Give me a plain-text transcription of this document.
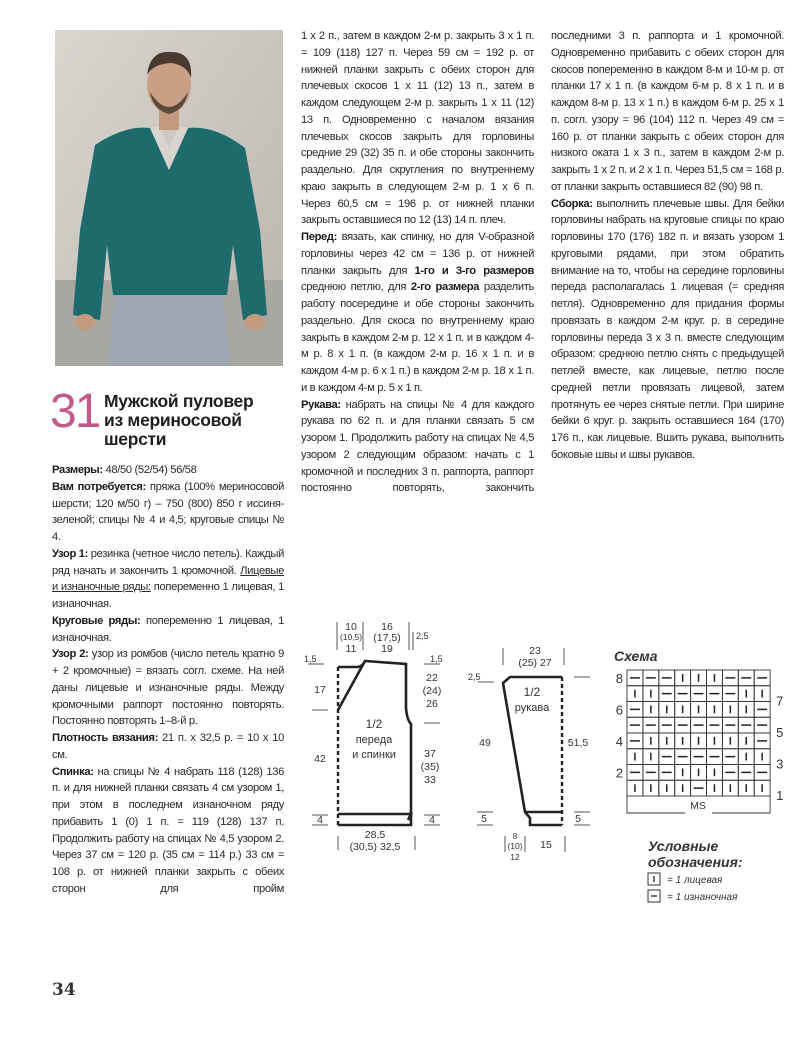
31 Мужской пуловер
из мериносовой
шерсти

Размеры: 48/50 (52/54) 56/58

Вам потребуется: пряжа (100% мериносовой шерсти; 120 м/50 г) – 750 (800) 850 г иссиня-зеленой; спицы № 4 и 4,5; круговые спицы № 4.

Узор 1: резинка (четное число петель). Каждый ряд начать и закончить 1 кромочной. Лицевые и изнаночные ряды: попеременно 1 лицевая, 1 изнаночная.

Круговые ряды: попеременно 1 лицевая, 1 изнаночная.

Узор 2: узор из ромбов (число петель кратно 9 + 2 кромочные) = вязать согл. схеме. На ней даны лицевые и изнаночные ряды. Между кромочными раппорт постоянно повторять. Постоянно повторять 1–8-й р.

Плотность вязания: 21 п. х 32,5 р. = 10 х 10 см.

Спинка: на спицы № 4 набрать 118 (128) 136 п. и для нижней планки связать 4 см узором 1, при этом в последнем изнаночном ряду прибавить 1 (0) 1 п. = 119 (128) 137 п. Продолжить работу на спицах № 4,5 узором 2. Через 37 см = 120 р. (35 см = 114 р.) 33 см = 108 р. от нижней планки закрыть с обеих сторон для пройм

1 х 2 п., затем в каждом 2-м р. закрыть 3 х 1 п. = 109 (118) 127 п. Через 59 см = 192 р. от нижней планки закрыть с обеих сторон для плечевых скосов 1 х 11 (12) 13 п., затем в каждом следующем 2-м р. закрыть 1 х 11 (12) 13 п. Одновременно с началом вязания плечевых скосов закрыть для горловины средние 29 (32) 35 п. и обе стороны закончить раздельно. Для скругления по внутреннему краю закрыть в следующем 2-м р. 1 х 6 п. Через 60,5 см = 196 р. от нижней планки закрыть оставшиеся по 12 (13) 14 п. плеч.

Перед: вязать, как спинку, но для V-образной горловины через 42 см = 136 р. от нижней планки закрыть для 1-го и 3-го размеров среднюю петлю, для 2-го размера разделить работу посередине и обе стороны закончить раздельно. Для скоса по внутреннему краю закрыть в каждом 2-м р. 12 х 1 п. и в каждом 4-м р. 8 х 1 п. (в каждом 2-м р. 16 х 1 п. и в каждом 4-м р. 6 х 1 п.) в каждом 2-м р. 18 х 1 п. и в каждом 4-м р. 5 х 1 п.

Рукава: набрать на спицы № 4 для каждого рукава по 62 п. и для планки связать 5 см узором 1. Продолжить работу на спицах № 4,5 узором 2 следующим образом: начать с 1 кромочной и последних 3 п. раппорта, раппорт постоянно повторять, закончить

последними 3 п. раппорта и 1 кромочной. Одновременно прибавить с обеих сторон для скосов попеременно в каждом 8-м и 10-м р. от планки 17 х 1 п. (в каждом 6-м р. 8 х 1 п. и в каждом 8-м р. 13 х 1 п.) в каждом 6-м р. 25 х 1 п. согл. узору = 96 (104) 112 п. Через 49 см = 160 р. от планки закрыть с обеих сторон для низкого оката 1 х 3 п., затем в каждом 2-м р. закрыть 1 х 2 п. и 2 х 1 п. Через 51,5 см = 168 р. от планки закрыть оставшиеся 82 (90) 98 п.

Сборка: выполнить плечевые швы. Для бейки горловины набрать на круговые спицы по краю горловины 170 (176) 182 п. и вязать узором 1 круговыми рядами, при этом обратить внимание на то, чтобы на середине горловины переда располагалась 1 лицевая (= средняя петля). Одновременно для придания формы провязать в каждом 2-м круг. р. в середине горловины переда 3 х 3 п. вместе следующим образом: среднюю петлю снять с предыдущей петлей вместе, как лицевые, петлю после средней петли провязать лицевой, затем протянуть ее через снятые петли. При ширине бейки 6 круг. р. закрыть оставшиеся 164 (170) 176 п., как лицевые. Вшить рукава, выполнить боковые швы и швы рукавов.

10
(10,5)
11
16
(17,5)
19
2,5
1,5	1,5
17
22
(24)
26
1/2
переда
и спинки
42	37
(35)
33
4	4
28,5
(30,5) 32,5
23
(25) 27
2,5
1/2
рукава
49	51,5
5	5
8
(10)
12
15
Схема
8
7
6
5
4
3
2
1
MS
Условные
обозначения:
= 1 лицевая
= 1 изнаночная
34
